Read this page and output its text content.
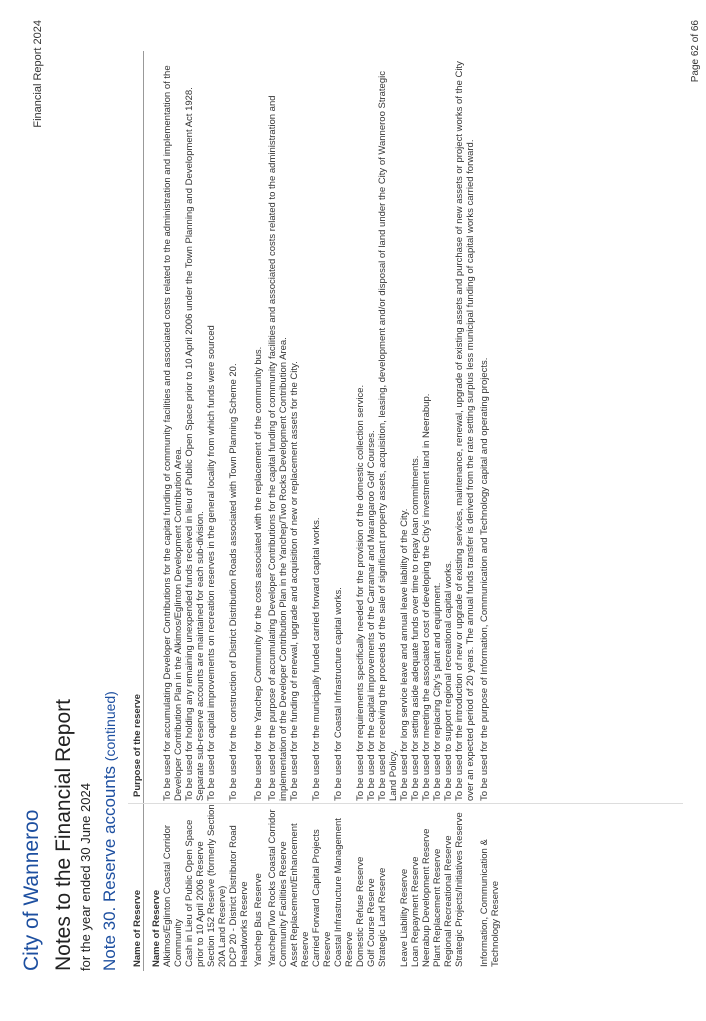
Financial Report 2024
City of Wanneroo Notes to the Financial Report for the year ended 30 June 2024 Note 30. Reserve accounts (continued)
Name of Reserve
Purpose of the reserve
Name of Reserve Alkimos/Eglinton Coastal Corridor Community
To be used for accumulating Developer Contributions for the capital funding of community facilities and associated costs related to the administration and implementation of the Developer Contribution Plan in the Alkimos/Eglinton Development Contribution Area.
Cash in Lieu of Public Open Space prior to 10 April 2006 Reserve
To be used for holding any remaining unexpended funds received in lieu of Public Open Space prior to 10 April 2006 under the Town Planning and Development Act 1928. Separate sub-reserve accounts are maintained for each sub-division.
Section 152 Reserve (formerly Section 20A Land Reserve)
To be used for capital improvements on recreation reserves in the general locality from which funds were sourced
DCP 20 - District Distributor Road Headworks Reserve
To be used for the construction of District Distribution Roads associated with Town Planning Scheme 20.
Yanchep Bus Reserve
To be used for the Yanchep Community for the costs associated with the replacement of the community bus.
Yanchep/Two Rocks Coastal Corridor Community Facilities Reserve
To be used for the purpose of accumulating Developer Contributions for the capital funding of community facilities and associated costs related to the administration and implementation of the Developer Contribution Plan in the Yanchep/Two Rocks Development Contribution Area.
Asset Replacement/Enhancement Reserve
To be used for the funding of renewal, upgrade and acquisition of new or replacement assets for the City.
Carried Forward Capital Projects Reserve
To be used for the municipally funded carried forward capital works.
Coastal Infrastructure Management Reserve
To be used for Coastal Infrastructure capital works.
Domestic Refuse Reserve
To be used for requirements specifically needed for the provision of the domestic collection service.
Golf Course Reserve
To be used for the capital improvements of the Carramar and Marangaroo Golf Courses.
Strategic Land Reserve
To be used for receiving the proceeds of the sale of significant property assets, acquisition, leasing, development and/or disposal of land under the City of Wanneroo Strategic Land Policy.
Leave Liability Reserve
To be used for long service leave and annual leave liability of the City.
Loan Repayment Reserve
To be used for setting aside adequate funds over time to repay loan commitments.
Neerabup Development Reserve
To be used for meeting the associated cost of developing the City's investment land in Neerabup.
Plant Replacement Reserve
To be used for replacing City's plant and equipment.
Regional Recreational Reserve
To be used to support regional recreational capital works.
Strategic Projects/Initiatives Reserve
To be used for the introduction of new or upgrade of existing services, maintenance, renewal, upgrade of existing assets and purchase of new assets or project works of the City over an expected period of 20 years. The annual funds transfer is derived from the rate setting surplus less municipal funding of capital works carried forward.
Information, Communication & Technology Reserve
To be used for the purpose of Information, Communication and Technology capital and operating projects.
Page 62 of 66
